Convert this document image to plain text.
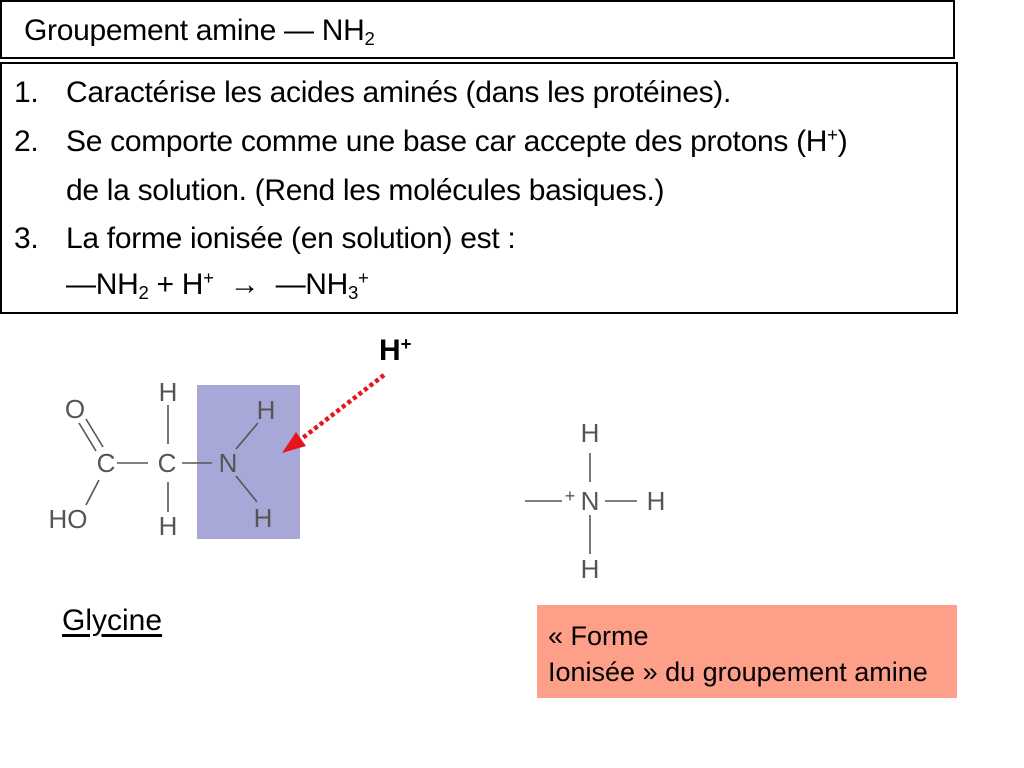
Groupement amine — $NH_2$
1. Caractérise les acides aminés (dans les protéines).
2. Se comporte comme une base car accepte des protons (H+)
de la solution. (Rend les molécules basiques.)
3. La forme ionisée (en solution) est :
$—NH_2 + H^+$ → $—NH_3^+$
H+
O
C C N
H
H
H
H
HO
+ N
H
H
H
Glycine	« Forme
Ionisée » du groupement amine
